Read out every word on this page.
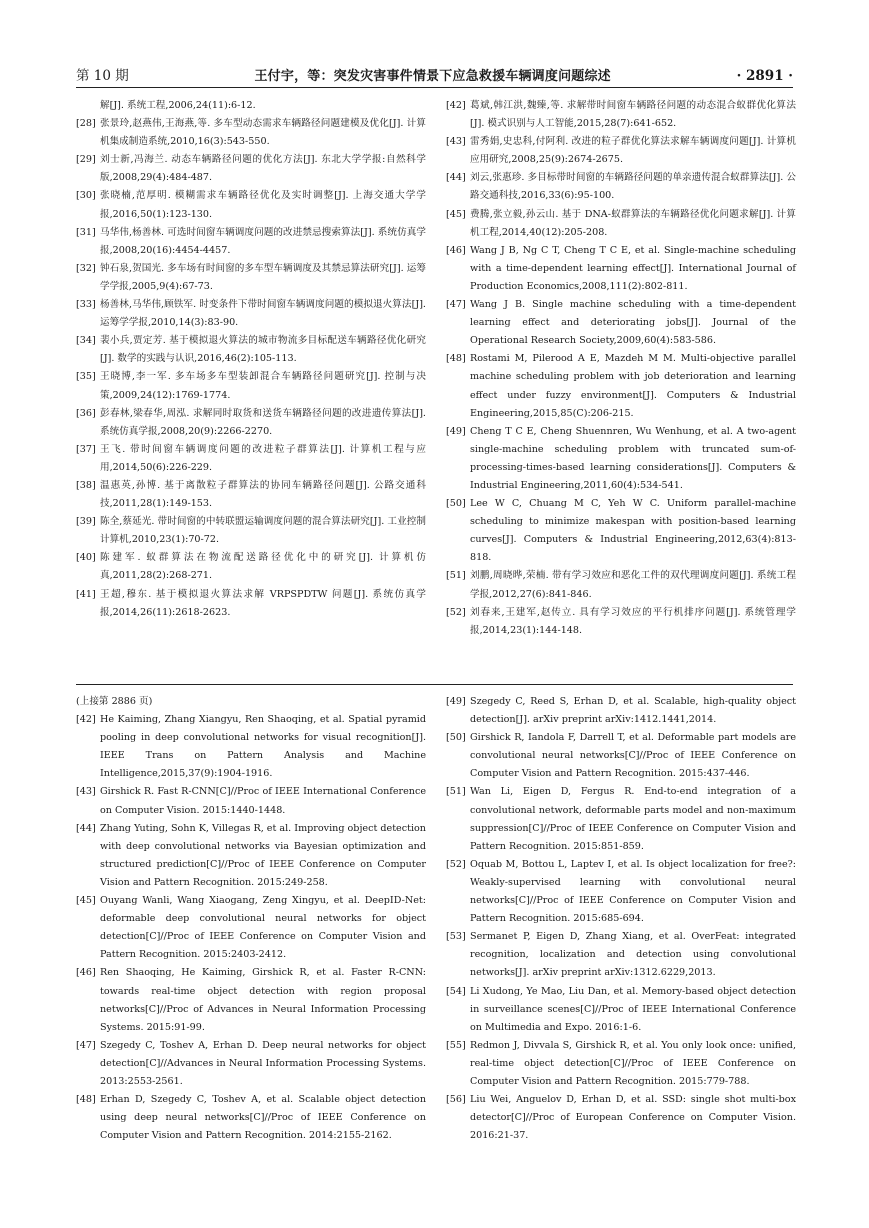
第 10 期	王付宇，等：突发灾害事件情景下应急救援车辆调度问题综述	· 2891 ·
解[J]. 系统工程,2006,24(11):6-12.
[28] 张景玲,赵燕伟,王海燕,等. 多车型动态需求车辆路径问题建模及优化[J]. 计算机集成制造系统,2010,16(3):543-550.
[29] 刘士新,冯海兰. 动态车辆路径问题的优化方法[J]. 东北大学学报:自然科学版,2008,29(4):484-487.
[30] 张晓楠,范厚明. 模糊需求车辆路径优化及实时调整[J]. 上海交通大学学报,2016,50(1):123-130.
[31] 马华伟,杨善林. 可选时间窗车辆调度问题的改进禁忌搜索算法[J]. 系统仿真学报,2008,20(16):4454-4457.
[32] 钟石泉,贺国光. 多车场有时间窗的多车型车辆调度及其禁忌算法研究[J]. 运筹学学报,2005,9(4):67-73.
[33] 杨善林,马华伟,顾铁军. 时变条件下带时间窗车辆调度问题的模拟退火算法[J]. 运筹学学报,2010,14(3):83-90.
[34] 裴小兵,贾定芳. 基于模拟退火算法的城市物流多目标配送车辆路径优化研究[J]. 数学的实践与认识,2016,46(2):105-113.
[35] 王晓博,李一军. 多车场多车型装卸混合车辆路径问题研究[J]. 控制与决策,2009,24(12):1769-1774.
[36] 彭春林,梁春华,周泓. 求解同时取货和送货车辆路径问题的改进遗传算法[J]. 系统仿真学报,2008,20(9):2266-2270.
[37] 王飞. 带时间窗车辆调度问题的改进粒子群算法[J]. 计算机工程与应用,2014,50(6):226-229.
[38] 温惠英,孙博. 基于离散粒子群算法的协同车辆路径问题[J]. 公路交通科技,2011,28(1):149-153.
[39] 陈全,蔡延光. 带时间窗的中转联盟运输调度问题的混合算法研究[J]. 工业控制计算机,2010,23(1):70-72.
[40] 陈建军. 蚁群算法在物流配送路径优化中的研究[J]. 计算机仿真,2011,28(2):268-271.
[41] 王超,穆东. 基于模拟退火算法求解 VRPSPDTW 问题[J]. 系统仿真学报,2014,26(11):2618-2623.
[42] 葛斌,韩江洪,魏臻,等. 求解带时间窗车辆路径问题的动态混合蚁群优化算法[J]. 模式识别与人工智能,2015,28(7):641-652.
[43] 雷秀娟,史忠科,付阿利. 改进的粒子群优化算法求解车辆调度问题[J]. 计算机应用研究,2008,25(9):2674-2675.
[44] 刘云,张惠珍. 多目标带时间窗的车辆路径问题的单亲遗传混合蚁群算法[J]. 公路交通科技,2016,33(6):95-100.
[45] 费腾,张立毅,孙云山. 基于 DNA-蚁群算法的车辆路径优化问题求解[J]. 计算机工程,2014,40(12):205-208.
[46] Wang J B, Ng C T, Cheng T C E, et al. Single-machine scheduling with a time-dependent learning effect[J]. International Journal of Production Economics,2008,111(2):802-811.
[47] Wang J B. Single machine scheduling with a time-dependent learning effect and deteriorating jobs[J]. Journal of the Operational Research Society,2009,60(4):583-586.
[48] Rostami M, Pilerood A E, Mazdeh M M. Multi-objective parallel machine scheduling problem with job deterioration and learning effect under fuzzy environment[J]. Computers & Industrial Engineering,2015,85(C):206-215.
[49] Cheng T C E, Cheng Shuennren, Wu Wenhung, et al. A two-agent single-machine scheduling problem with truncated sum-of-processing-times-based learning considerations[J]. Computers & Industrial Engineering,2011,60(4):534-541.
[50] Lee W C, Chuang M C, Yeh W C. Uniform parallel-machine scheduling to minimize makespan with position-based learning curves[J]. Computers & Industrial Engineering,2012,63(4):813-818.
[51] 刘鹏,周晓晔,荣楠. 带有学习效应和恶化工件的双代理调度问题[J]. 系统工程学报,2012,27(6):841-846.
[52] 刘春来,王建军,赵传立. 具有学习效应的平行机排序问题[J]. 系统管理学报,2014,23(1):144-148.
(上接第 2886 页)
[42] He Kaiming, Zhang Xiangyu, Ren Shaoqing, et al. Spatial pyramid pooling in deep convolutional networks for visual recognition[J]. IEEE Trans on Pattern Analysis and Machine Intelligence,2015,37(9):1904-1916.
[43] Girshick R. Fast R-CNN[C]//Proc of IEEE International Conference on Computer Vision. 2015:1440-1448.
[44] Zhang Yuting, Sohn K, Villegas R, et al. Improving object detection with deep convolutional networks via Bayesian optimization and structured prediction[C]//Proc of IEEE Conference on Computer Vision and Pattern Recognition. 2015:249-258.
[45] Ouyang Wanli, Wang Xiaogang, Zeng Xingyu, et al. DeepID-Net: deformable deep convolutional neural networks for object detection[C]//Proc of IEEE Conference on Computer Vision and Pattern Recognition. 2015:2403-2412.
[46] Ren Shaoqing, He Kaiming, Girshick R, et al. Faster R-CNN: towards real-time object detection with region proposal networks[C]//Proc of Advances in Neural Information Processing Systems. 2015:91-99.
[47] Szegedy C, Toshev A, Erhan D. Deep neural networks for object detection[C]//Advances in Neural Information Processing Systems. 2013:2553-2561.
[48] Erhan D, Szegedy C, Toshev A, et al. Scalable object detection using deep neural networks[C]//Proc of IEEE Conference on Computer Vision and Pattern Recognition. 2014:2155-2162.
[49] Szegedy C, Reed S, Erhan D, et al. Scalable, high-quality object detection[J]. arXiv preprint arXiv:1412.1441,2014.
[50] Girshick R, Iandola F, Darrell T, et al. Deformable part models are convolutional neural networks[C]//Proc of IEEE Conference on Computer Vision and Pattern Recognition. 2015:437-446.
[51] Wan Li, Eigen D, Fergus R. End-to-end integration of a convolutional network, deformable parts model and non-maximum suppression[C]//Proc of IEEE Conference on Computer Vision and Pattern Recognition. 2015:851-859.
[52] Oquab M, Bottou L, Laptev I, et al. Is object localization for free?: Weakly-supervised learning with convolutional neural networks[C]//Proc of IEEE Conference on Computer Vision and Pattern Recognition. 2015:685-694.
[53] Sermanet P, Eigen D, Zhang Xiang, et al. OverFeat: integrated recognition, localization and detection using convolutional networks[J]. arXiv preprint arXiv:1312.6229,2013.
[54] Li Xudong, Ye Mao, Liu Dan, et al. Memory-based object detection in surveillance scenes[C]//Proc of IEEE International Conference on Multimedia and Expo. 2016:1-6.
[55] Redmon J, Divvala S, Girshick R, et al. You only look once: unified, real-time object detection[C]//Proc of IEEE Conference on Computer Vision and Pattern Recognition. 2015:779-788.
[56] Liu Wei, Anguelov D, Erhan D, et al. SSD: single shot multi-box detector[C]//Proc of European Conference on Computer Vision. 2016:21-37.
